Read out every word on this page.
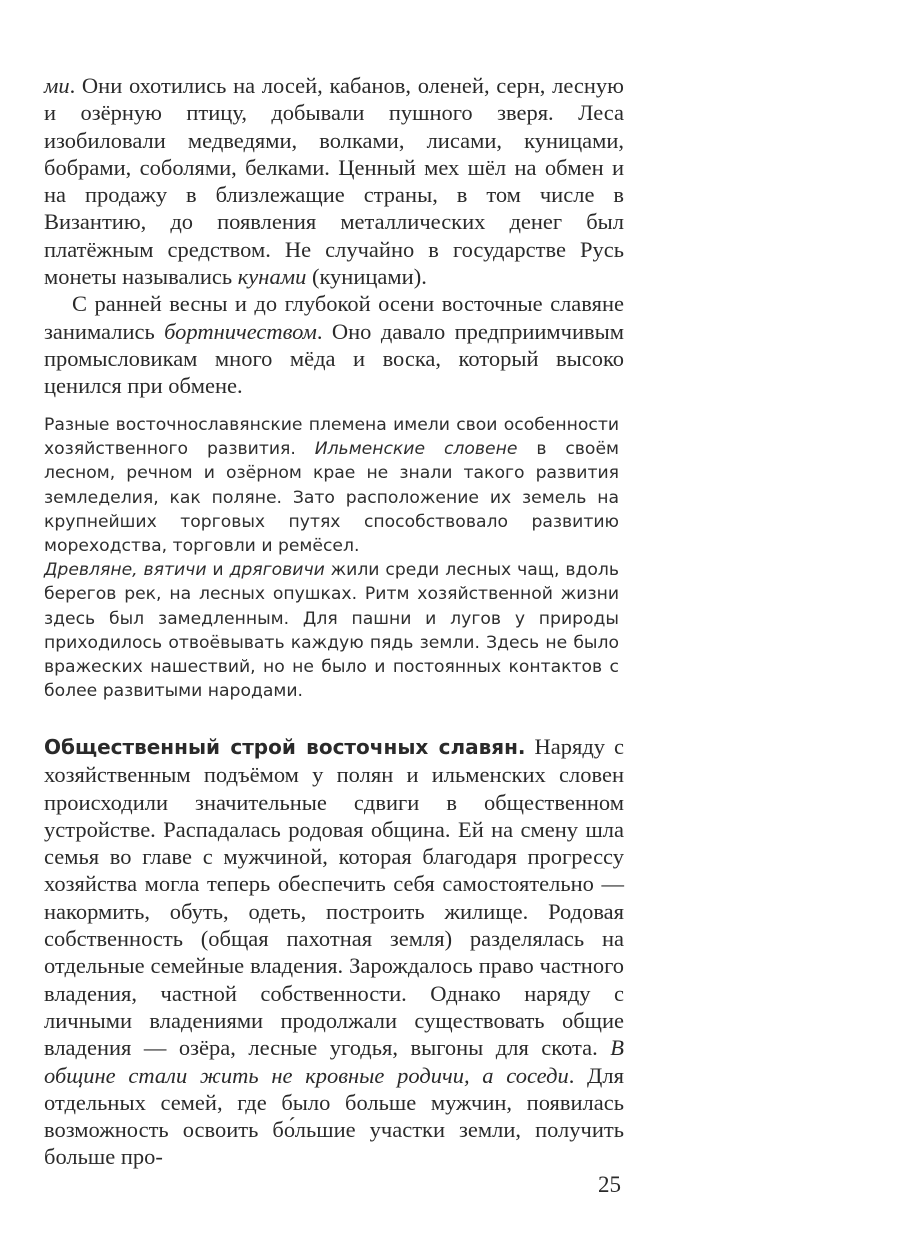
ми. Они охотились на лосей, кабанов, оленей, серн, лесную и озёрную птицу, добывали пушного зверя. Леса изобиловали медведями, волками, лисами, куницами, бобрами, соболями, белками. Ценный мех шёл на обмен и на продажу в близлежащие страны, в том числе в Византию, до появления металлических денег был платёжным средством. Не случайно в государстве Русь монеты назывались кунами (куницами).

С ранней весны и до глубокой осени восточные славяне занимались бортничеством. Оно давало предприимчивым промысловикам много мёда и воска, который высоко ценился при обмене.

Разные восточнославянские племена имели свои особенности хозяйственного развития. Ильменские словене в своём лесном, речном и озёрном крае не знали такого развития земледелия, как поляне. Зато расположение их земель на крупнейших торговых путях способствовало развитию мореходства, торговли и ремёсел.

Древляне, вятичи и дряговичи жили среди лесных чащ, вдоль берегов рек, на лесных опушках. Ритм хозяйственной жизни здесь был замедленным. Для пашни и лугов у природы приходилось отвоёвывать каждую пядь земли. Здесь не было вражеских нашествий, но не было и постоянных контактов с более развитыми народами.

Общественный строй восточных славян. Наряду с хозяйственным подъёмом у полян и ильменских словен происходили значительные сдвиги в общественном устройстве. Распадалась родовая община. Ей на смену шла семья во главе с мужчиной, которая благодаря прогрессу хозяйства могла теперь обеспечить себя самостоятельно — накормить, обуть, одеть, построить жилище. Родовая собственность (общая пахотная земля) разделялась на отдельные семейные владения. Зарождалось право частного владения, частной собственности. Однако наряду с личными владениями продолжали существовать общие владения — озёра, лесные угодья, выгоны для скота. В общине стали жить не кровные родичи, а соседи. Для отдельных семей, где было больше мужчин, появилась возможность освоить бо́льшие участки земли, получить больше про-

25
